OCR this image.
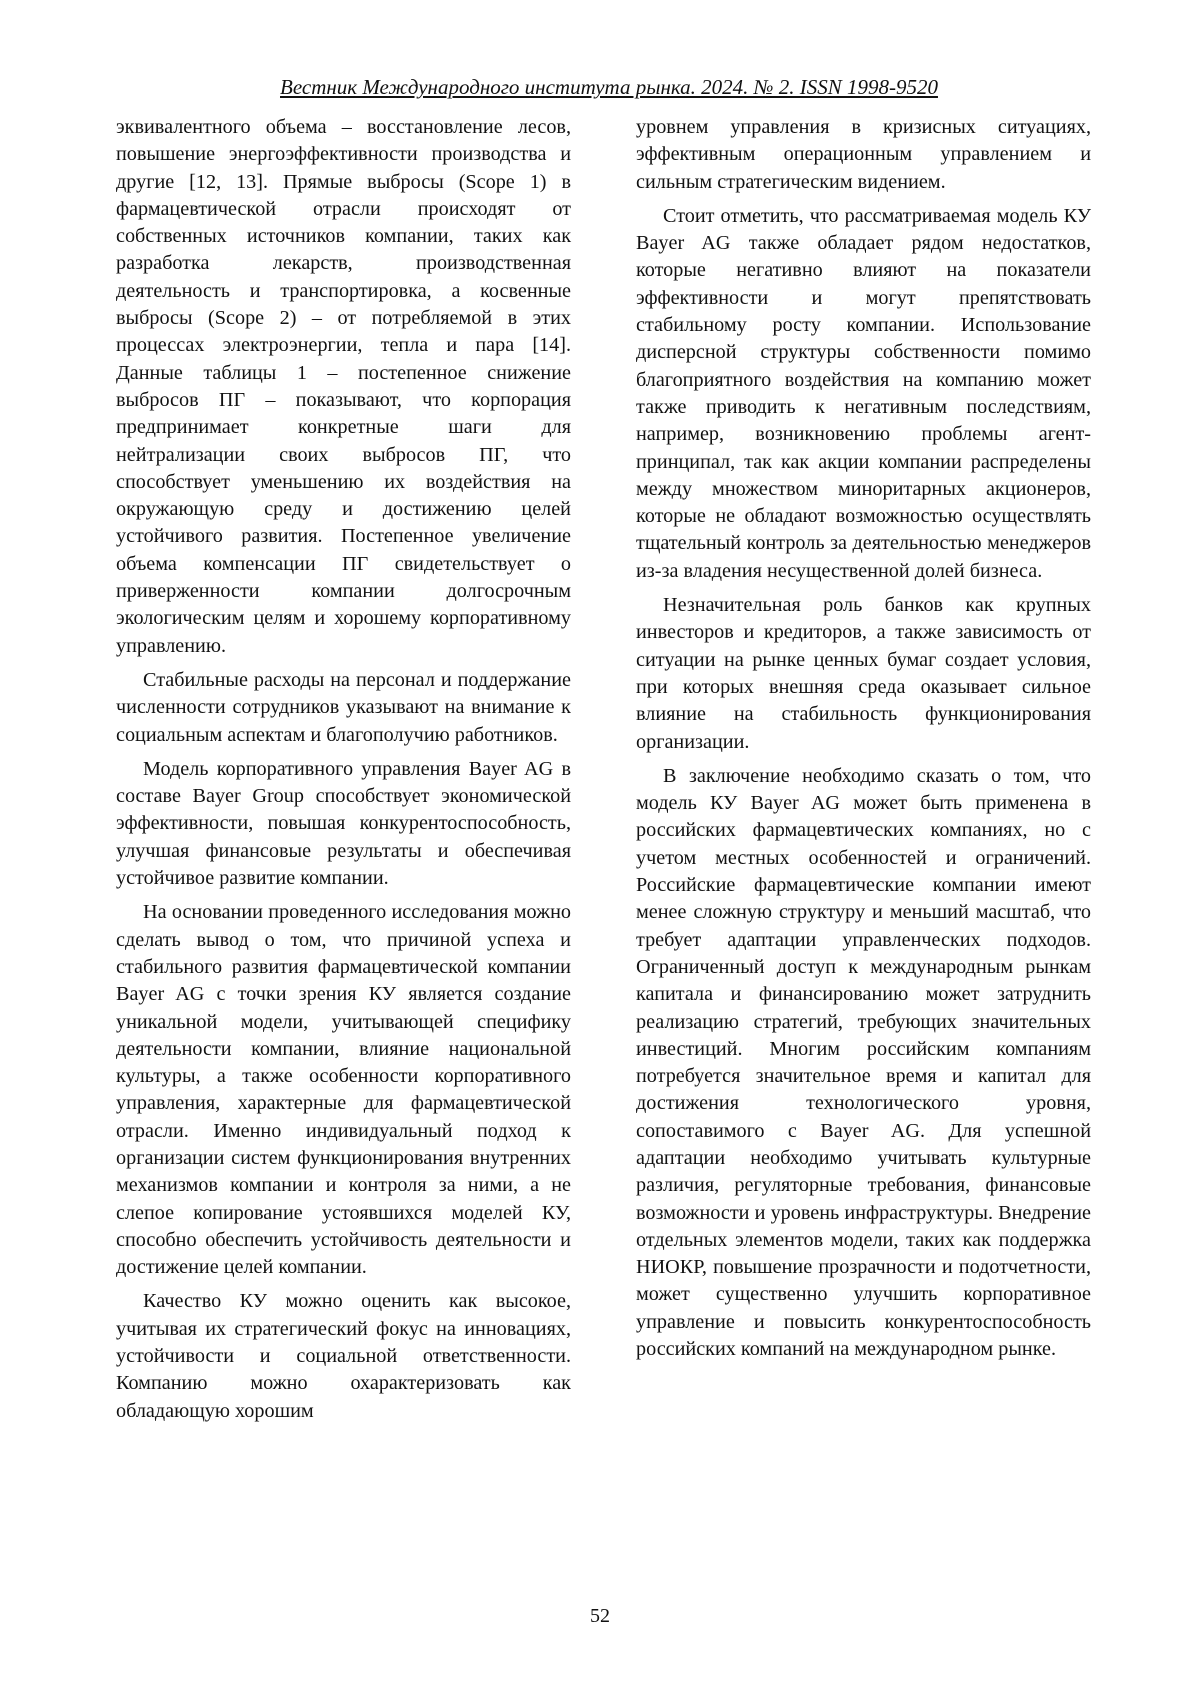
Вестник Международного института рынка. 2024. № 2. ISSN 1998-9520

эквивалентного объема – восстановление лесов, повышение энергоэффективности производства и другие [12, 13]. Прямые выбросы (Scope 1) в фармацевтической отрасли происходят от собственных источников компании, таких как разработка лекарств, производственная деятельность и транспортировка, а косвенные выбросы (Scope 2) – от потребляемой в этих процессах электроэнергии, тепла и пара [14]. Данные таблицы 1 – постепенное снижение выбросов ПГ – показывают, что корпорация предпринимает конкретные шаги для нейтрализации своих выбросов ПГ, что способствует уменьшению их воздействия на окружающую среду и достижению целей устойчивого развития. Постепенное увеличение объема компенсации ПГ свидетельствует о приверженности компании долгосрочным экологическим целям и хорошему корпоративному управлению.

Стабильные расходы на персонал и поддержание численности сотрудников указывают на внимание к социальным аспектам и благополучию работников.

Модель корпоративного управления Bayer AG в составе Bayer Group способствует экономической эффективности, повышая конкурентоспособность, улучшая финансовые результаты и обеспечивая устойчивое развитие компании.

На основании проведенного исследования можно сделать вывод о том, что причиной успеха и стабильного развития фармацевтической компании Bayer AG с точки зрения КУ является создание уникальной модели, учитывающей специфику деятельности компании, влияние национальной культуры, а также особенности корпоративного управления, характерные для фармацевтической отрасли. Именно индивидуальный подход к организации систем функционирования внутренних механизмов компании и контроля за ними, а не слепое копирование устоявшихся моделей КУ, способно обеспечить устойчивость деятельности и достижение целей компании.

Качество КУ можно оценить как высокое, учитывая их стратегический фокус на инновациях, устойчивости и социальной ответственности. Компанию можно охарактеризовать как обладающую хорошим

уровнем управления в кризисных ситуациях, эффективным операционным управлением и сильным стратегическим видением.

Стоит отметить, что рассматриваемая модель КУ Bayer AG также обладает рядом недостатков, которые негативно влияют на показатели эффективности и могут препятствовать стабильному росту компании. Использование дисперсной структуры собственности помимо благоприятного воздействия на компанию может также приводить к негативным последствиям, например, возникновению проблемы агент-принципал, так как акции компании распределены между множеством миноритарных акционеров, которые не обладают возможностью осуществлять тщательный контроль за деятельностью менеджеров из-за владения несущественной долей бизнеса.

Незначительная роль банков как крупных инвесторов и кредиторов, а также зависимость от ситуации на рынке ценных бумаг создает условия, при которых внешняя среда оказывает сильное влияние на стабильность функционирования организации.

В заключение необходимо сказать о том, что модель КУ Bayer AG может быть применена в российских фармацевтических компаниях, но с учетом местных особенностей и ограничений. Российские фармацевтические компании имеют менее сложную структуру и меньший масштаб, что требует адаптации управленческих подходов. Ограниченный доступ к международным рынкам капитала и финансированию может затруднить реализацию стратегий, требующих значительных инвестиций. Многим российским компаниям потребуется значительное время и капитал для достижения технологического уровня, сопоставимого с Bayer AG. Для успешной адаптации необходимо учитывать культурные различия, регуляторные требования, финансовые возможности и уровень инфраструктуры. Внедрение отдельных элементов модели, таких как поддержка НИОКР, повышение прозрачности и подотчетности, может существенно улучшить корпоративное управление и повысить конкурентоспособность российских компаний на международном рынке.

52
